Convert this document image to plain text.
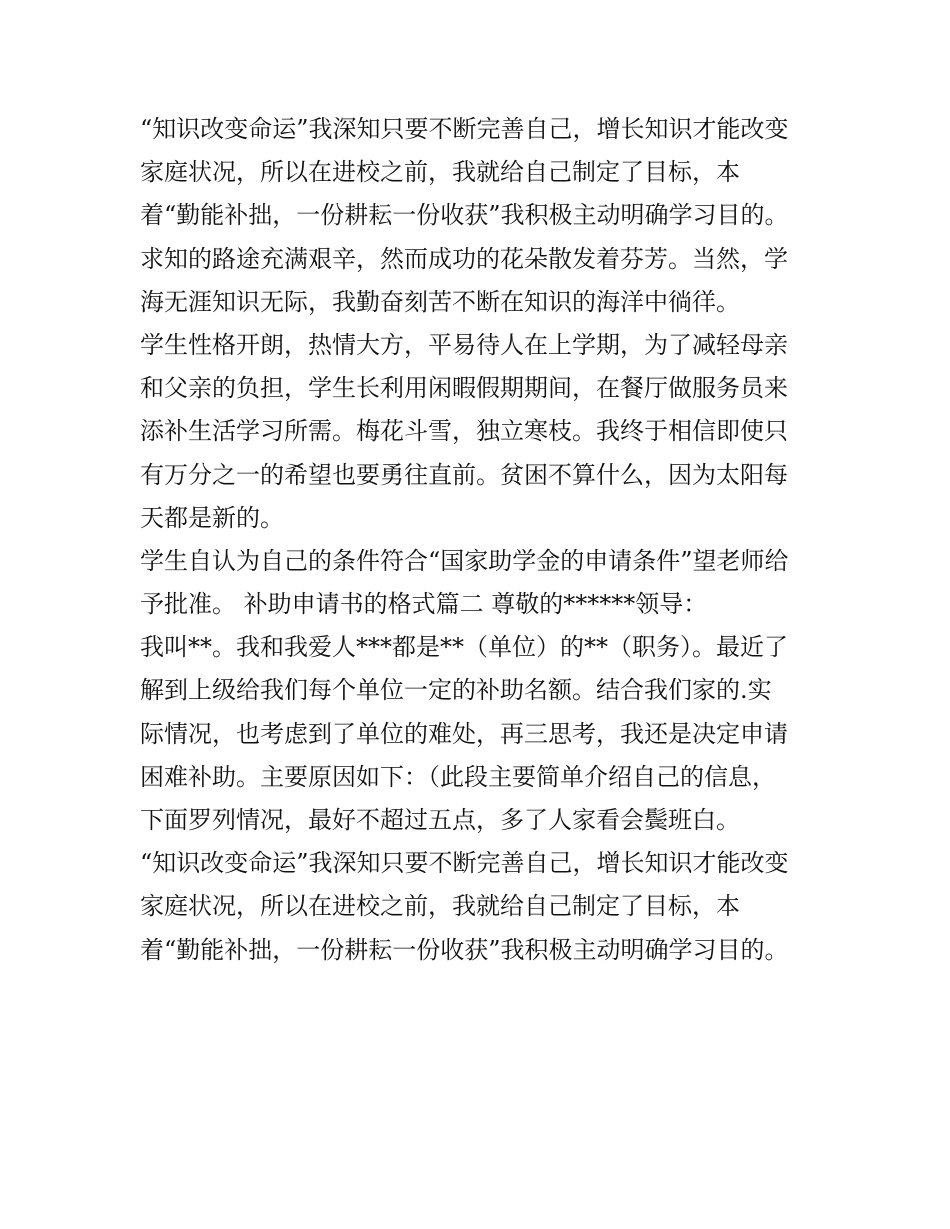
“知识改变命运”我深知只要不断完善自己，增长知识才能改变
家庭状况，所以在进校之前，我就给自己制定了目标，本
着“勤能补拙，一份耕耘一份收获”我积极主动明确学习目的。
求知的路途充满艰辛，然而成功的花朵散发着芬芳。当然，学
海无涯知识无际，我勤奋刻苦不断在知识的海洋中徜徉。
学生性格开朗，热情大方，平易待人在上学期，为了减轻母亲
和父亲的负担，学生长利用闲暇假期期间，在餐厅做服务员来
添补生活学习所需。梅花斗雪，独立寒枝。我终于相信即使只
有万分之一的希望也要勇往直前。贫困不算什么，因为太阳每
天都是新的。
学生自认为自己的条件符合“国家助学金的申请条件”望老师给
予批准。 补助申请书的格式篇二 尊敬的******领导：
我叫**。我和我爱人***都是**（单位）的**（职务）。最近了
解到上级给我们每个单位一定的补助名额。结合我们家的.实
际情况，也考虑到了单位的难处，再三思考，我还是决定申请
困难补助。主要原因如下：（此段主要简单介绍自己的信息，
下面罗列情况，最好不超过五点，多了人家看会鬓班白。
“知识改变命运”我深知只要不断完善自己，增长知识才能改变
家庭状况，所以在进校之前，我就给自己制定了目标，本
着“勤能补拙，一份耕耘一份收获”我积极主动明确学习目的。
